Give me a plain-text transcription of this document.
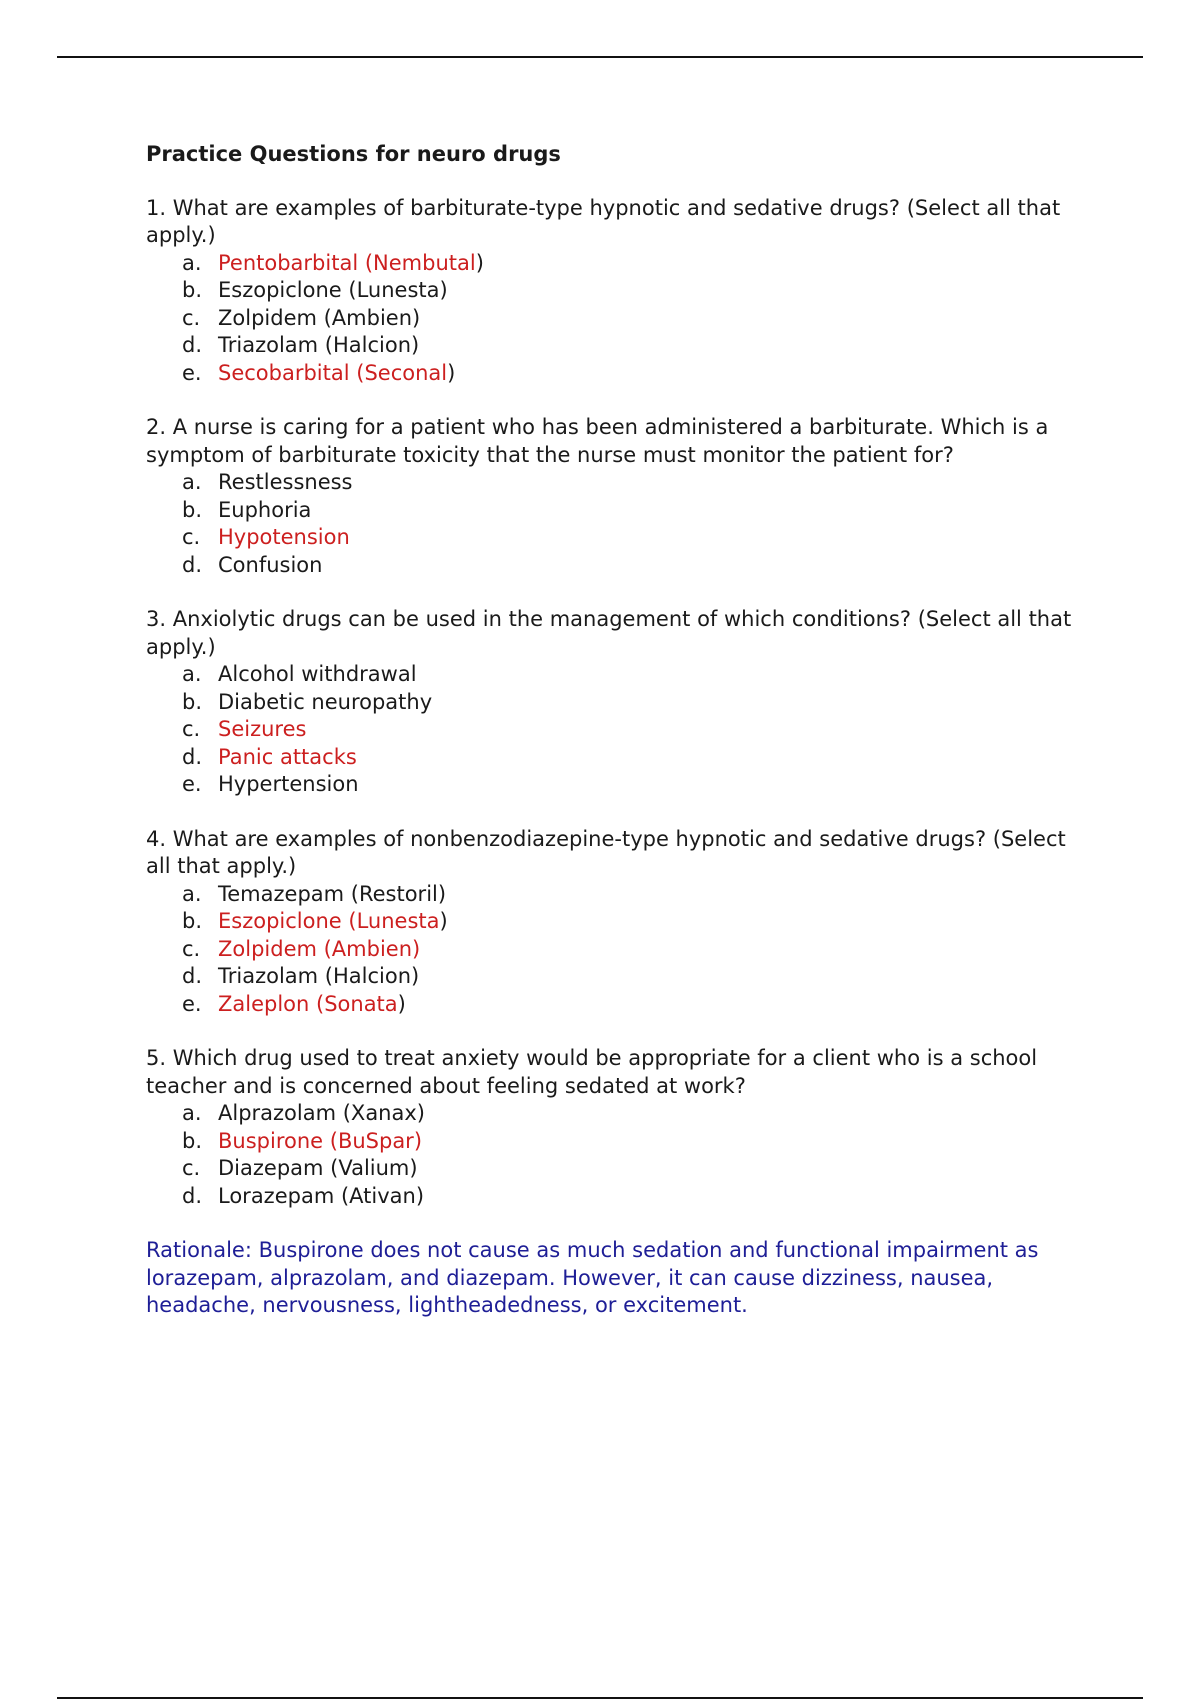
Practice Questions for neuro drugs

1. What are examples of barbiturate-type hypnotic and sedative drugs? (Select all that apply.)

a. Pentobarbital (Nembutal)
b. Eszopiclone (Lunesta)
c. Zolpidem (Ambien)
d. Triazolam (Halcion)
e. Secobarbital (Seconal)

2. A nurse is caring for a patient who has been administered a barbiturate. Which is a symptom of barbiturate toxicity that the nurse must monitor the patient for?

a. Restlessness
b. Euphoria
c. Hypotension
d. Confusion

3. Anxiolytic drugs can be used in the management of which conditions? (Select all that apply.)

a. Alcohol withdrawal
b. Diabetic neuropathy
c. Seizures
d. Panic attacks
e. Hypertension

4. What are examples of nonbenzodiazepine-type hypnotic and sedative drugs? (Select all that apply.)

a. Temazepam (Restoril)
b. Eszopiclone (Lunesta)
c. Zolpidem (Ambien)
d. Triazolam (Halcion)
e. Zaleplon (Sonata)

5. Which drug used to treat anxiety would be appropriate for a client who is a school teacher and is concerned about feeling sedated at work?

a. Alprazolam (Xanax)
b. Buspirone (BuSpar)
c. Diazepam (Valium)
d. Lorazepam (Ativan)

Rationale: Buspirone does not cause as much sedation and functional impairment as lorazepam, alprazolam, and diazepam. However, it can cause dizziness, nausea, headache, nervousness, lightheadedness, or excitement.
